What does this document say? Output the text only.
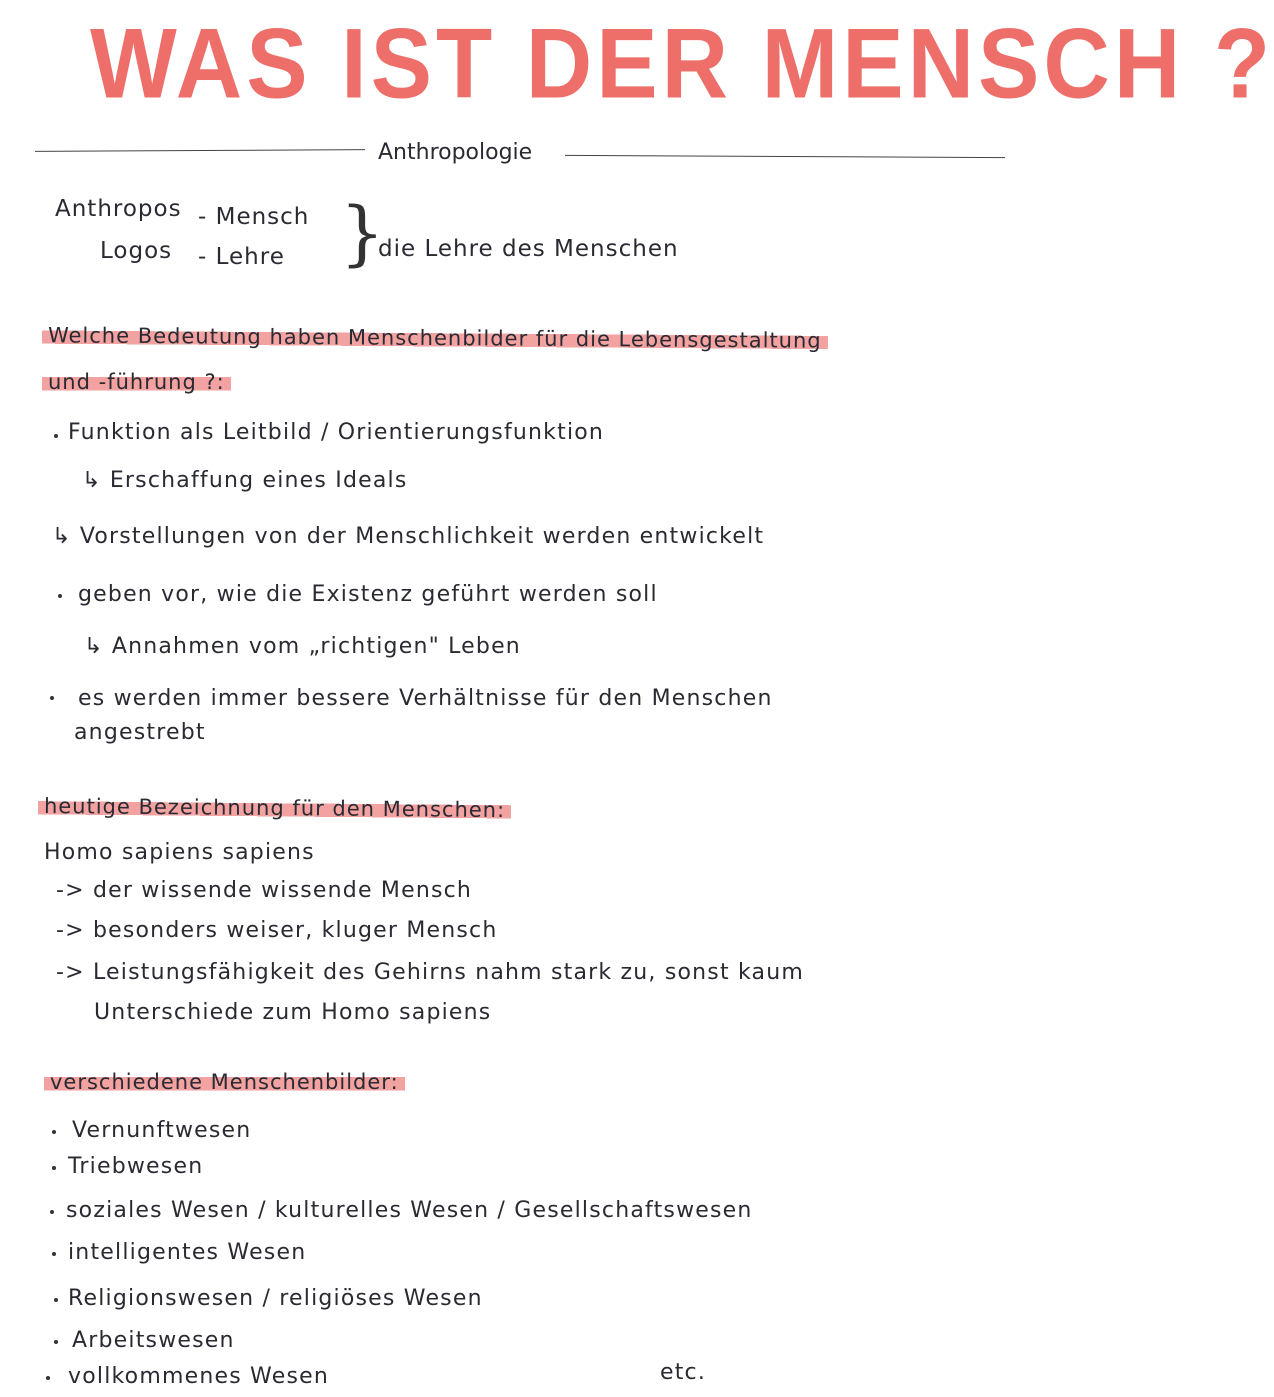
WAS IST DER MENSCH ?
Anthropologie
Anthropos - Mensch
Logos - Lehre }
die Lehre des Menschen
Welche Bedeutung haben Menschenbilder für die Lebensgestaltung
und -führung ?:
Funktion als Leitbild / Orientierungsfunktion
↳ Erschaffung eines Ideals
↳ Vorstellungen von der Menschlichkeit werden entwickelt
geben vor, wie die Existenz geführt werden soll
↳ Annahmen vom „richtigen" Leben
es werden immer bessere Verhältnisse für den Menschen
angestrebt
heutige Bezeichnung für den Menschen:
Homo sapiens sapiens
-> der wissende wissende Mensch
-> besonders weiser, kluger Mensch
-> Leistungsfähigkeit des Gehirns nahm stark zu, sonst kaum
Unterschiede zum Homo sapiens
verschiedene Menschenbilder:
Vernunftwesen
Triebwesen
soziales Wesen / kulturelles Wesen / Gesellschaftswesen
intelligentes Wesen
Religionswesen / religiöses Wesen
Arbeitswesen
vollkommenes Wesen	etc.
